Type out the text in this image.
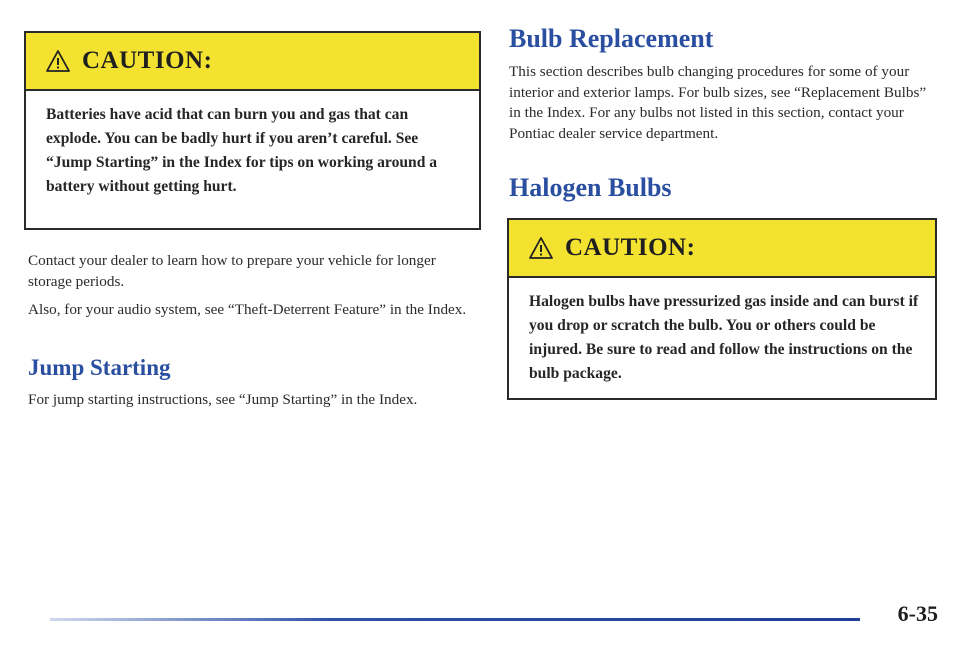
CAUTION:
Batteries have acid that can burn you and gas that can explode. You can be badly hurt if you aren’t careful. See “Jump Starting” in the Index for tips on working around a battery without getting hurt.

Contact your dealer to learn how to prepare your vehicle for longer storage periods.

Also, for your audio system, see “Theft-Deterrent Feature” in the Index.

Jump Starting

For jump starting instructions, see “Jump Starting” in the Index.

Bulb Replacement

This section describes bulb changing procedures for some of your interior and exterior lamps. For bulb sizes, see “Replacement Bulbs” in the Index. For any bulbs not listed in this section, contact your Pontiac dealer service department.

Halogen Bulbs
CAUTION:
Halogen bulbs have pressurized gas inside and can burst if you drop or scratch the bulb. You or others could be injured. Be sure to read and follow the instructions on the bulb package.
6-35
